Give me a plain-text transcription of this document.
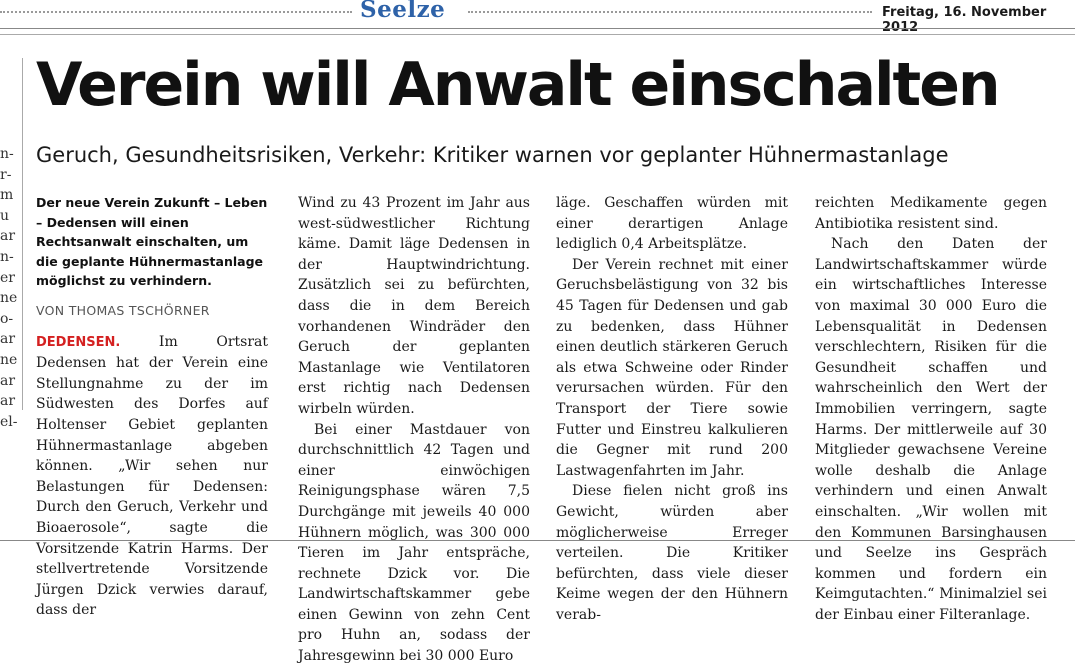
Seelze	Freitag, 16. November 2012
n-
r-
m
u
ar
n-
er
ne
o-
ar
ne
ar
ar
el-
Verein will Anwalt einschalten
Geruch, Gesundheitsrisiken, Verkehr: Kritiker warnen vor geplanter Hühnermastanlage

Der neue Verein Zukunft – Leben – Dedensen will einen Rechtsanwalt einschalten, um die geplante Hühnermastanlage möglichst zu verhindern.

VON THOMAS TSCHÖRNER

DEDENSEN.	Im Ortsrat Dedensen hat der Verein eine Stellungnahme zu der im Südwesten des Dorfes auf Holtenser Gebiet geplanten Hühnermastanlage abgeben können. „Wir sehen nur Belastungen für Dedensen: Durch den Geruch, Verkehr und Bioaerosole“, sagte die Vorsitzende Katrin Harms. Der stellvertretende Vorsitzende Jürgen Dzick verwies darauf, dass der

Wind zu 43 Prozent im Jahr aus west-südwestlicher Richtung käme. Damit läge Dedensen in der Hauptwindrichtung. Zusätzlich sei zu befürchten, dass die in dem Bereich vorhandenen Windräder den Geruch der geplanten Mastanlage wie Ventilatoren erst richtig nach Dedensen wirbeln würden.

Bei einer Mastdauer von durchschnittlich 42 Tagen und einer einwöchigen Reinigungsphase wären 7,5 Durchgänge mit jeweils 40 000 Hühnern möglich, was 300 000 Tieren im Jahr entspräche, rechnete Dzick vor. Die Landwirtschaftskammer gebe einen Gewinn von zehn Cent pro Huhn an, sodass der Jahresgewinn bei 30 000 Euro

läge. Geschaffen würden mit einer derartigen Anlage lediglich 0,4 Arbeitsplätze.

Der Verein rechnet mit einer Geruchsbelästigung von 32 bis 45 Tagen für Dedensen und gab zu bedenken, dass Hühner einen deutlich stärkeren Geruch als etwa Schweine oder Rinder verursachen würden. Für den Transport der Tiere sowie Futter und Einstreu kalkulieren die Gegner mit rund 200 Lastwagenfahrten im Jahr.

Diese fielen nicht groß ins Gewicht, würden aber möglicherweise Erreger verteilen. Die Kritiker befürchten, dass viele dieser Keime wegen der den Hühnern verab-

reichten Medikamente gegen Antibiotika resistent sind.

Nach den Daten der Landwirtschaftskammer würde ein wirtschaftliches Interesse von maximal 30 000 Euro die Lebensqualität in Dedensen verschlechtern, Risiken für die Gesundheit schaffen und wahrscheinlich den Wert der Immobilien verringern, sagte Harms. Der mittlerweile auf 30 Mitglieder gewachsene Vereine wolle deshalb die Anlage verhindern und einen Anwalt einschalten. „Wir wollen mit den Kommunen Barsinghausen und Seelze ins Gespräch kommen und fordern ein Keimgutachten.“ Minimalziel sei der Einbau einer Filteranlage.
